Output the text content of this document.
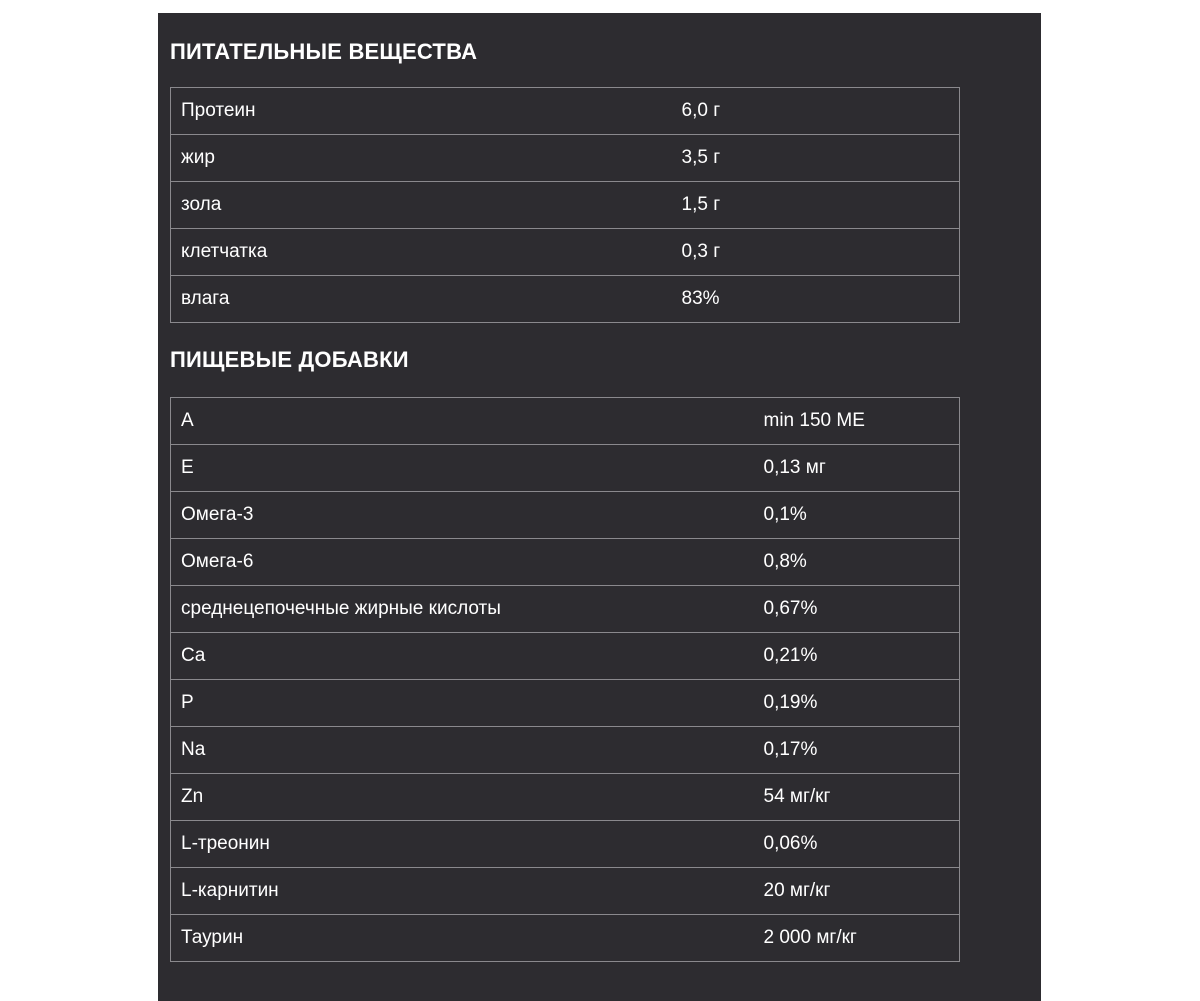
ПИТАТЕЛЬНЫЕ ВЕЩЕСТВА
Протеин	6,0 г
жир	3,5 г
зола	1,5 г
клетчатка	0,3 г
влага	83%
ПИЩЕВЫЕ ДОБАВКИ
A	min 150 ME
E	0,13 мг
Омега-3	0,1%
Омега-6	0,8%
среднецепочечные жирные кислоты	0,67%
Ca	0,21%
P	0,19%
Na	0,17%
Zn	54 мг/кг
L-треонин	0,06%
L-карнитин	20 мг/кг
Таурин	2 000 мг/кг
